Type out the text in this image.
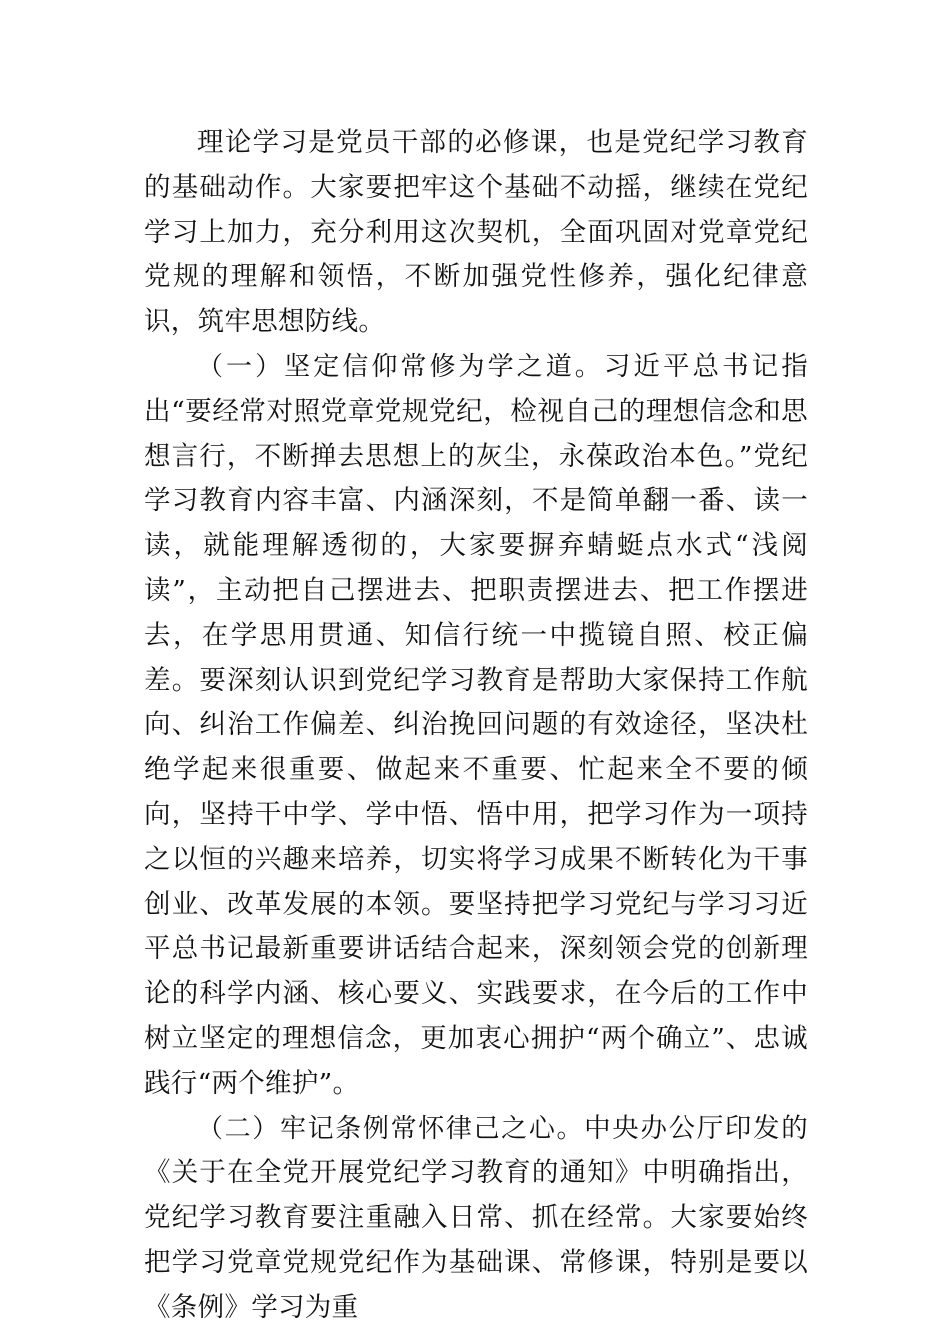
理论学习是党员干部的必修课，也是党纪学习教育的基础动作。大家要把牢这个基础不动摇，继续在党纪学习上加力，充分利用这次契机，全面巩固对党章党纪党规的理解和领悟，不断加强党性修养，强化纪律意识，筑牢思想防线。

（一）坚定信仰常修为学之道。习近平总书记指出“要经常对照党章党规党纪，检视自己的理想信念和思想言行，不断掸去思想上的灰尘，永葆政治本色。”党纪学习教育内容丰富、内涵深刻，不是简单翻一番、读一读，就能理解透彻的，大家要摒弃蜻蜓点水式“浅阅读”，主动把自己摆进去、把职责摆进去、把工作摆进去，在学思用贯通、知信行统一中揽镜自照、校正偏差。要深刻认识到党纪学习教育是帮助大家保持工作航向、纠治工作偏差、纠治挽回问题的有效途径，坚决杜绝学起来很重要、做起来不重要、忙起来全不要的倾向，坚持干中学、学中悟、悟中用，把学习作为一项持之以恒的兴趣来培养，切实将学习成果不断转化为干事创业、改革发展的本领。要坚持把学习党纪与学习习近平总书记最新重要讲话结合起来，深刻领会党的创新理论的科学内涵、核心要义、实践要求，在今后的工作中树立坚定的理想信念，更加衷心拥护“两个确立”、忠诚践行“两个维护”。

（二）牢记条例常怀律己之心。中央办公厅印发的《关于在全党开展党纪学习教育的通知》中明确指出，党纪学习教育要注重融入日常、抓在经常。大家要始终把学习党章党规党纪作为基础课、常修课，特别是要以《条例》学习为重
